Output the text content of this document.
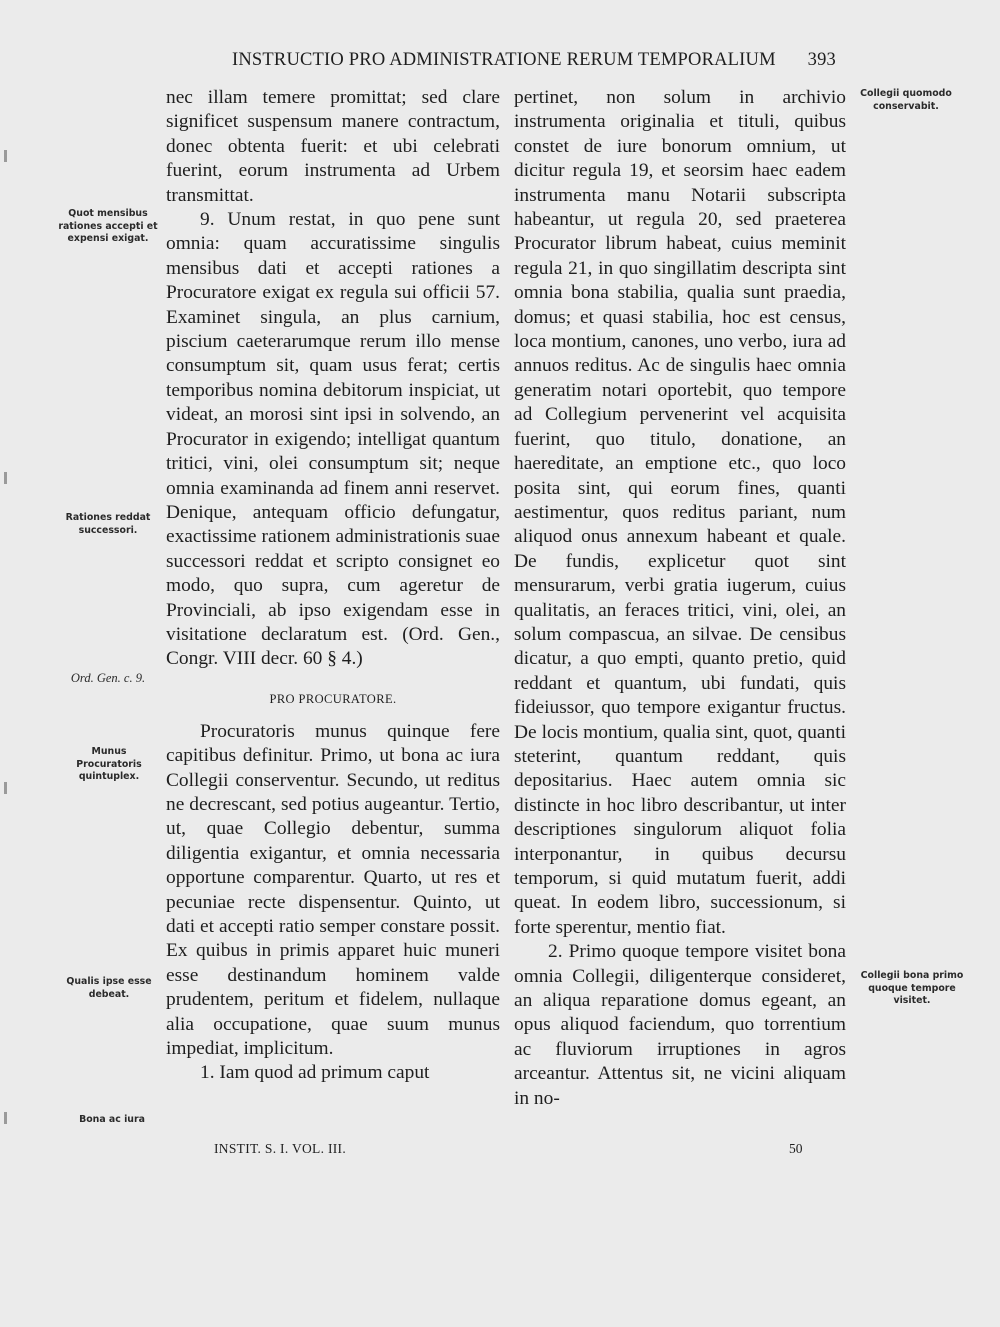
INSTRUCTIO PRO ADMINISTRATIONE RERUM TEMPORALIUM 393
Quot mensibus rationes accepti et expensi exigat.
Rationes reddat successori.
Ord. Gen. c. 9.
Munus Procuratoris quintuplex.
Qualis ipse esse debeat.
Bona ac iura
Collegii quomodo conservabit.
Collegii bona primo quoque tempore visitet.

nec illam temere promittat; sed clare significet suspensum manere contractum, donec obtenta fuerit: et ubi celebrati fuerint, eorum instrumenta ad Urbem transmittat.

9. Unum restat, in quo pene sunt omnia: quam accuratissime singulis mensibus dati et accepti rationes a Procuratore exigat ex regula sui officii 57. Examinet singula, an plus carnium, piscium caeterarumque rerum illo mense consumptum sit, quam usus ferat; certis temporibus nomina debitorum inspiciat, ut videat, an morosi sint ipsi in solvendo, an Procurator in exigendo; intelligat quantum tritici, vini, olei consumptum sit; neque omnia examinanda ad finem anni reservet. Denique, antequam officio defungatur, exactissime rationem administrationis suae successori reddat et scripto consignet eo modo, quo supra, cum ageretur de Provinciali, ab ipso exigendam esse in visitatione declaratum est. (Ord. Gen., Congr. VIII decr. 60 § 4.)

PRO PROCURATORE.

Procuratoris munus quinque fere capitibus definitur. Primo, ut bona ac iura Collegii conserventur. Secundo, ut reditus ne decrescant, sed potius augeantur. Tertio, ut, quae Collegio debentur, summa diligentia exigantur, et omnia necessaria opportune comparentur. Quarto, ut res et pecuniae recte dispensentur. Quinto, ut dati et accepti ratio semper constare possit. Ex quibus in primis apparet huic muneri esse destinandum hominem valde prudentem, peritum et fidelem, nullaque alia occupatione, quae suum munus impediat, implicitum.

1. Iam quod ad primum caput

pertinet, non solum in archivio instrumenta originalia et tituli, quibus constet de iure bonorum omnium, ut dicitur regula 19, et seorsim haec eadem instrumenta manu Notarii subscripta habeantur, ut regula 20, sed praeterea Procurator librum habeat, cuius meminit regula 21, in quo singillatim descripta sint omnia bona stabilia, qualia sunt praedia, domus; et quasi stabilia, hoc est census, loca montium, canones, uno verbo, iura ad annuos reditus. Ac de singulis haec omnia generatim notari oportebit, quo tempore ad Collegium pervenerint vel acquisita fuerint, quo titulo, donatione, an haereditate, an emptione etc., quo loco posita sint, qui eorum fines, quanti aestimentur, quos reditus pariant, num aliquod onus annexum habeant et quale. De fundis, explicetur quot sint mensurarum, verbi gratia iugerum, cuius qualitatis, an feraces tritici, vini, olei, an solum compascua, an silvae. De censibus dicatur, a quo empti, quanto pretio, quid reddant et quantum, ubi fundati, quis fideiussor, quo tempore exigantur fructus. De locis montium, qualia sint, quot, quanti steterint, quantum reddant, quis depositarius. Haec autem omnia sic distincte in hoc libro describantur, ut inter descriptiones singulorum aliquot folia interponantur, in quibus decursu temporum, si quid mutatum fuerit, addi queat. In eodem libro, successionum, si forte sperentur, mentio fiat.

2. Primo quoque tempore visitet bona omnia Collegii, diligenterque consideret, an aliqua reparatione domus egeant, an opus aliquod faciendum, quo torrentium ac fluviorum irruptiones in agros arceantur. Attentus sit, ne vicini aliquam in no-

INSTIT. S. I. VOL. III.	50
